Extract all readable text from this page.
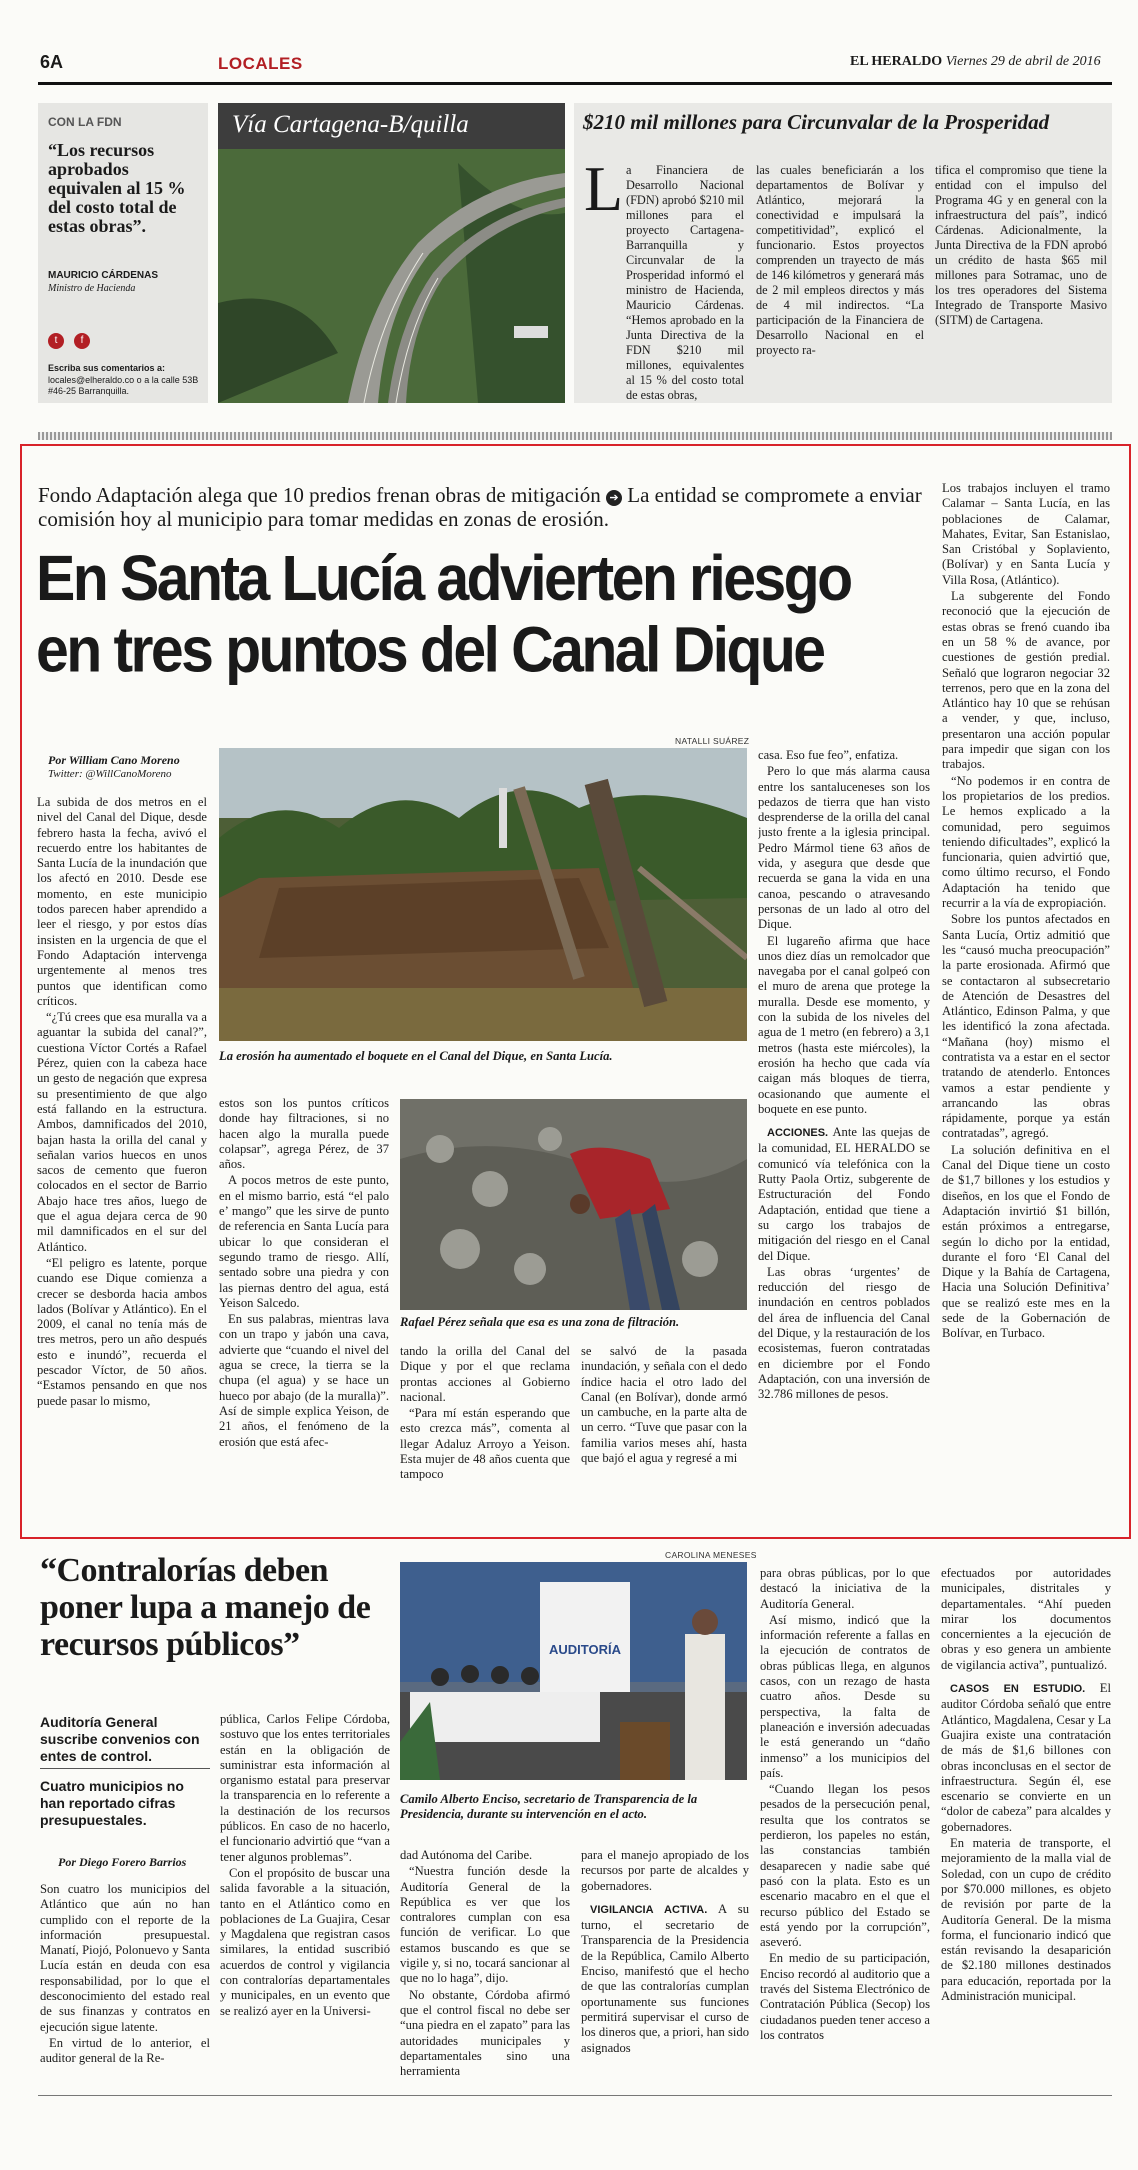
6A	LOCALES	EL HERALDO Viernes 29 de abril de 2016
CON LA FDN
“Los recursos aprobados equivalen al 15 % del costo total de estas obras”.
MAURICIO CÁRDENAS
Ministro de Hacienda
t	f
Escriba sus comentarios a:
locales@elheraldo.co o a la calle 53B #46-25 Barranquilla.
Vía Cartagena-B/quilla	$210 mil millones para Circunvalar de la Prosperidad
L a Financiera de Desarrollo Nacional (FDN) aprobó $210 mil millones para el proyecto Cartagena-Barranquilla y Circunvalar de la Prosperidad informó el ministro de Hacienda, Mauricio Cárdenas. “Hemos aprobado en la Junta Directiva de la FDN $210 mil millones, equivalentes al 15 % del costo total de estas obras,

las cuales beneficiarán a los departamentos de Bolívar y Atlántico, mejorará la conectividad e impulsará la competitividad”, explicó el funcionario. Estos proyectos comprenden un trayecto de más de 146 kilómetros y generará más de 2 mil empleos directos y más de 4 mil indirectos. “La participación de la Financiera de Desarrollo Nacional en el proyecto ra-

tifica el compromiso que tiene la entidad con el impulso del Programa 4G y en general con la infraestructura del país”, indicó Cárdenas. Adicionalmente, la Junta Directiva de la FDN aprobó un crédito de hasta $65 mil millones para Sotramac, uno de los tres operadores del Sistema Integrado de Transporte Masivo (SITM) de Cartagena.

Fondo Adaptación alega que 10 predios frenan obras de mitigación ➔ La entidad se compromete a enviar comisión hoy al municipio para tomar medidas en zonas de erosión.
En Santa Lucía advierten riesgo
en tres puntos del Canal Dique
Por William Cano Moreno
Twitter: @WillCanoMoreno
NATALLI SUÁREZ
La erosión ha aumentado el boquete en el Canal del Dique, en Santa Lucía.
Rafael Pérez señala que esa es una zona de filtración.

La subida de dos metros en el nivel del Canal del Dique, desde febrero hasta la fecha, avivó el recuerdo entre los habitantes de Santa Lucía de la inundación que los afectó en 2010. Desde ese momento, en este municipio todos parecen haber aprendido a leer el riesgo, y por estos días insisten en la urgencia de que el Fondo Adaptación intervenga urgentemente al menos tres puntos que identifican como críticos.

“¿Tú crees que esa muralla va a aguantar la subida del canal?”, cuestiona Víctor Cortés a Rafael Pérez, quien con la cabeza hace un gesto de negación que expresa su presentimiento de que algo está fallando en la estructura. Ambos, damnificados del 2010, bajan hasta la orilla del canal y señalan varios huecos en unos sacos de cemento que fueron colocados en el sector de Barrio Abajo hace tres años, luego de que el agua dejara cerca de 90 mil damnificados en el sur del Atlántico.

“El peligro es latente, porque cuando ese Dique comienza a crecer se desborda hacia ambos lados (Bolívar y Atlántico). En el 2009, el canal no tenía más de tres metros, pero un año después esto e inundó”, recuerda el pescador Víctor, de 50 años. “Estamos pensando en que nos puede pasar lo mismo,

estos son los puntos críticos donde hay filtraciones, si no hacen algo la muralla puede colapsar”, agrega Pérez, de 37 años.

A pocos metros de este punto, en el mismo barrio, está “el palo e’ mango” que les sirve de punto de referencia en Santa Lucía para ubicar lo que consideran el segundo tramo de riesgo. Allí, sentado sobre una piedra y con las piernas dentro del agua, está Yeison Salcedo.

En sus palabras, mientras lava con un trapo y jabón una cava, advierte que “cuando el nivel del agua se crece, la tierra se la chupa (el agua) y se hace un hueco por abajo (de la muralla)”. Así de simple explica Yeison, de 21 años, el fenómeno de la erosión que está afec-

tando la orilla del Canal del Dique y por el que reclama prontas acciones al Gobierno nacional.

“Para mí están esperando que esto crezca más”, comenta al llegar Adaluz Arroyo a Yeison. Esta mujer de 48 años cuenta que tampoco

se salvó de la pasada inundación, y señala con el dedo índice hacia el otro lado del Canal (en Bolívar), donde armó un cambuche, en la parte alta de un cerro. “Tuve que pasar con la familia varios meses ahí, hasta que bajó el agua y regresé a mi

casa. Eso fue feo”, enfatiza.

Pero lo que más alarma causa entre los santaluceneses son los pedazos de tierra que han visto desprenderse de la orilla del canal justo frente a la iglesia principal. Pedro Mármol tiene 63 años de vida, y asegura que desde que recuerda se gana la vida en una canoa, pescando o atravesando personas de un lado al otro del Dique.

El lugareño afirma que hace unos diez días un remolcador que navegaba por el canal golpeó con el muro de arena que protege la muralla. Desde ese momento, y con la subida de los niveles del agua de 1 metro (en febrero) a 3,1 metros (hasta este miércoles), la erosión ha hecho que cada vía caigan más bloques de tierra, ocasionando que aumente el boquete en ese punto.

ACCIONES. Ante las quejas de la comunidad, EL HERALDO se comunicó vía telefónica con la Rutty Paola Ortiz, subgerente de Estructuración del Fondo Adaptación, entidad que tiene a su cargo los trabajos de mitigación del riesgo en el Canal del Dique.

Las obras ‘urgentes’ de reducción del riesgo de inundación en centros poblados del área de influencia del Canal del Dique, y la restauración de los ecosistemas, fueron contratadas en diciembre por el Fondo Adaptación, con una inversión de 32.786 millones de pesos.

Los trabajos incluyen el tramo Calamar – Santa Lucía, en las poblaciones de Calamar, Mahates, Evitar, San Estanislao, San Cristóbal y Soplaviento, (Bolívar) y en Santa Lucía y Villa Rosa, (Atlántico).

La subgerente del Fondo reconoció que la ejecución de estas obras se frenó cuando iba en un 58 % de avance, por cuestiones de gestión predial. Señaló que lograron negociar 32 terrenos, pero que en la zona del Atlántico hay 10 que se rehúsan a vender, y que, incluso, presentaron una acción popular para impedir que sigan con los trabajos.

“No podemos ir en contra de los propietarios de los predios. Le hemos explicado a la comunidad, pero seguimos teniendo dificultades”, explicó la funcionaria, quien advirtió que, como último recurso, el Fondo Adaptación ha tenido que recurrir a la vía de expropiación.

Sobre los puntos afectados en Santa Lucía, Ortiz admitió que les “causó mucha preocupación” la parte erosionada. Afirmó que se contactaron al subsecretario de Atención de Desastres del Atlántico, Edinson Palma, y que les identificó la zona afectada. “Mañana (hoy) mismo el contratista va a estar en el sector tratando de atenderlo. Entonces vamos a estar pendiente y arrancando las obras rápidamente, porque ya están contratadas”, agregó.

La solución definitiva en el Canal del Dique tiene un costo de $1,7 billones y los estudios y diseños, en los que el Fondo de Adaptación invirtió $1 billón, están próximos a entregarse, según lo dicho por la entidad, durante el foro ‘El Canal del Dique y la Bahía de Cartagena, Hacia una Solución Definitiva’ que se realizó este mes en la sede de la Gobernación de Bolívar, en Turbaco.

“Contralorías deben poner lupa a manejo de recursos públicos”
Auditoría General suscribe convenios con entes de control.
Cuatro municipios no han reportado cifras presupuestales.
Por Diego Forero Barrios
CAROLINA MENESES
AUDITORÍA
Camilo Alberto Enciso, secretario de Transparencia de la Presidencia, durante su intervención en el acto.

Son cuatro los municipios del Atlántico que aún no han cumplido con el reporte de la información presupuestal. Manatí, Piojó, Polonuevo y Santa Lucía están en deuda con esa responsabilidad, por lo que el desconocimiento del estado real de sus finanzas y contratos en ejecución sigue latente.

En virtud de lo anterior, el auditor general de la Re-

pública, Carlos Felipe Córdoba, sostuvo que los entes territoriales están en la obligación de suministrar esta información al organismo estatal para preservar la transparencia en lo referente a la destinación de los recursos públicos. En caso de no hacerlo, el funcionario advirtió que “van a tener algunos problemas”.

Con el propósito de buscar una salida favorable a la situación, tanto en el Atlántico como en poblaciones de La Guajira, Cesar y Magdalena que registran casos similares, la entidad suscribió acuerdos de control y vigilancia con contralorías departamentales y municipales, en un evento que se realizó ayer en la Universi-

dad Autónoma del Caribe.

“Nuestra función desde la Auditoría General de la República es ver que los contralores cumplan con esa función de verificar. Lo que estamos buscando es que se vigile y, si no, tocará sancionar al que no lo haga”, dijo.

No obstante, Córdoba afirmó que el control fiscal no debe ser “una piedra en el zapato” para las autoridades municipales y departamentales sino una herramienta

para el manejo apropiado de los recursos por parte de alcaldes y gobernadores.

VIGILANCIA ACTIVA. A su turno, el secretario de Transparencia de la Presidencia de la República, Camilo Alberto Enciso, manifestó que el hecho de que las contralorías cumplan oportunamente sus funciones permitirá supervisar el curso de los dineros que, a priori, han sido asignados

para obras públicas, por lo que destacó la iniciativa de la Auditoría General.

Así mismo, indicó que la información referente a fallas en la ejecución de contratos de obras públicas llega, en algunos casos, con un rezago de hasta cuatro años. Desde su perspectiva, la falta de planeación e inversión adecuadas le está generando un “daño inmenso” a los municipios del país.

“Cuando llegan los pesos pesados de la persecución penal, resulta que los contratos se perdieron, los papeles no están, las constancias también desaparecen y nadie sabe qué pasó con la plata. Esto es un escenario macabro en el que el recurso público del Estado se está yendo por la corrupción”, aseveró.

En medio de su participación, Enciso recordó al auditorio que a través del Sistema Electrónico de Contratación Pública (Secop) los ciudadanos pueden tener acceso a los contratos

efectuados por autoridades municipales, distritales y departamentales. “Ahí pueden mirar los documentos concernientes a la ejecución de obras y eso genera un ambiente de vigilancia activa”, puntualizó.

CASOS EN ESTUDIO. El auditor Córdoba señaló que entre Atlántico, Magdalena, Cesar y La Guajira existe una contratación de más de $1,6 billones con obras inconclusas en el sector de infraestructura. Según él, ese escenario se convierte en un “dolor de cabeza” para alcaldes y gobernadores.

En materia de transporte, el mejoramiento de la malla vial de Soledad, con un cupo de crédito por $70.000 millones, es objeto de revisión por parte de la Auditoría General. De la misma forma, el funcionario indicó que están revisando la desaparición de $2.180 millones destinados para educación, reportada por la Administración municipal.
